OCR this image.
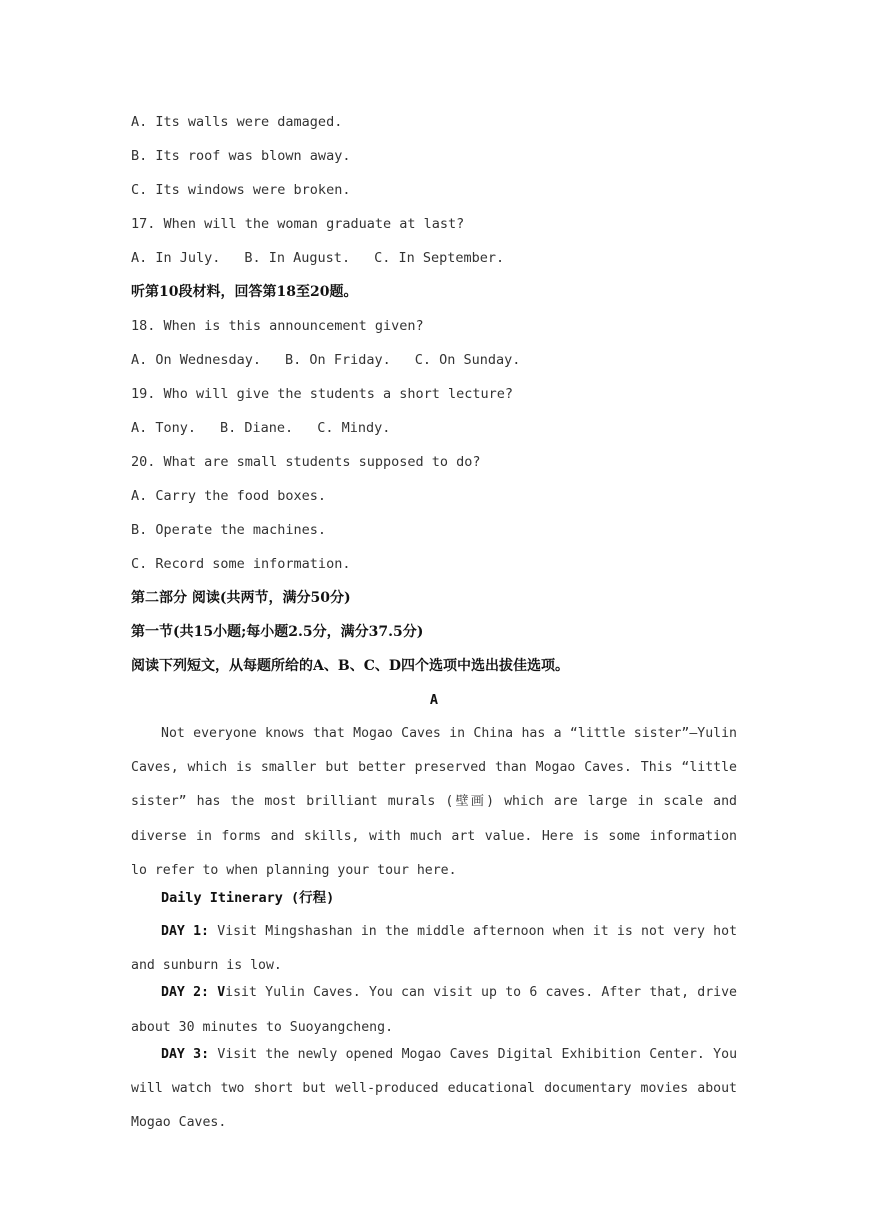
A. Its walls were damaged.
B. Its roof was blown away.
C. Its windows were broken.
17. When will the woman graduate at last?
A. In July. B. In August. C. In September.
听第10段材料，回答第18至20题。
18. When is this announcement given?
A. On Wednesday. B. On Friday. C. On Sunday.
19. Who will give the students a short lecture?
A. Tony. B. Diane. C. Mindy.
20. What are small students supposed to do?
A. Carry the food boxes.
B. Operate the machines.
C. Record some information.
第二部分 阅读(共两节，满分50分)
第一节(共15小题;每小题2.5分，满分37.5分)
阅读下列短文，从每题所给的A、B、C、D四个选项中选出拔佳选项。
A

Not everyone knows that Mogao Caves in China has a “little sister”—Yulin Caves, which is smaller but better preserved than Mogao Caves. This “little sister” has the most brilliant murals (壁画) which are large in scale and diverse in forms and skills, with much art value. Here is some information lo refer to when planning your tour here.

Daily Itinerary (行程)

DAY 1: Visit Mingshashan in the middle afternoon when it is not very hot and sunburn is low.

DAY 2: Visit Yulin Caves. You can visit up to 6 caves. After that, drive about 30 minutes to Suoyangcheng.

DAY 3: Visit the newly opened Mogao Caves Digital Exhibition Center. You will watch two short but well-produced educational documentary movies about Mogao Caves.
